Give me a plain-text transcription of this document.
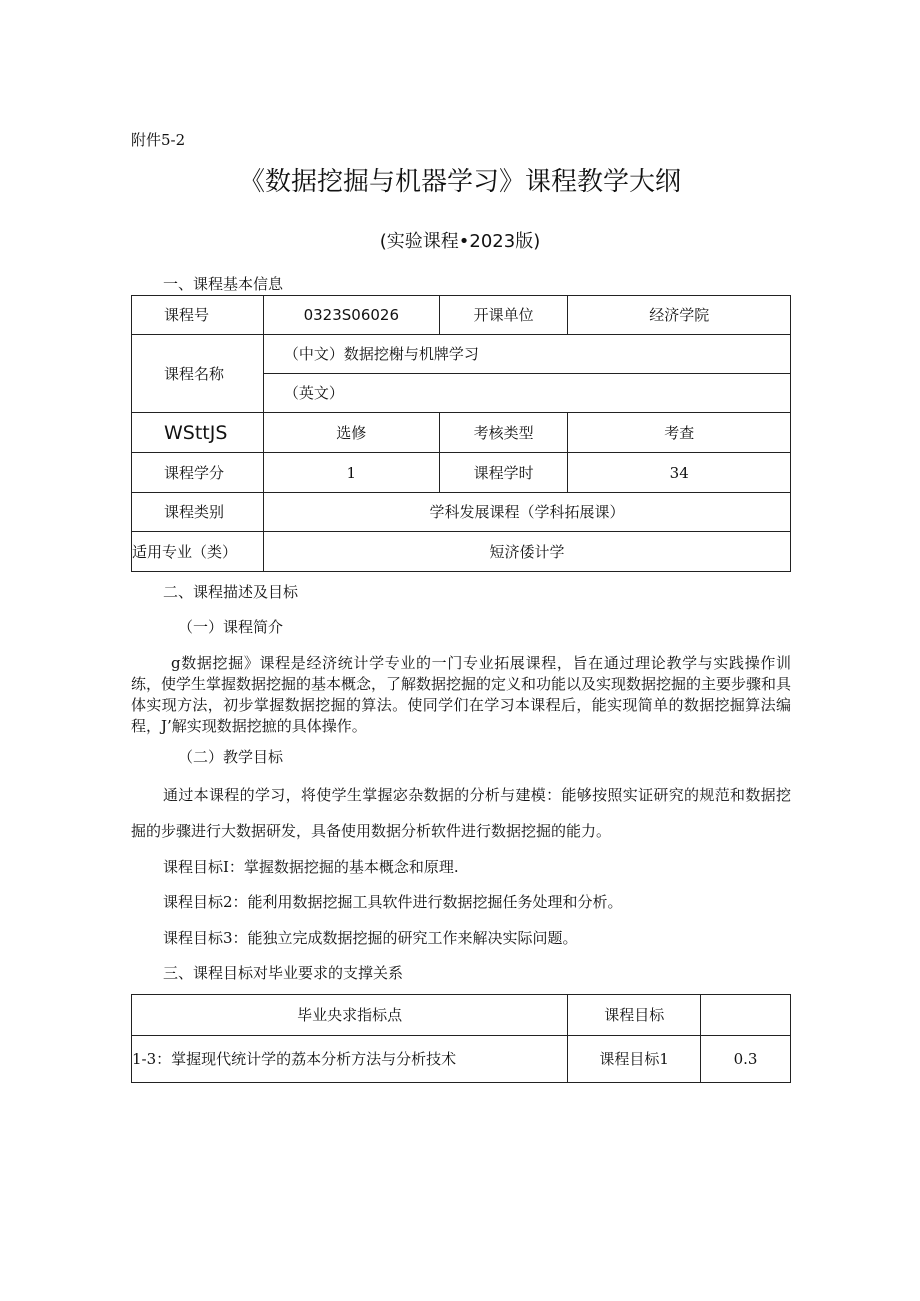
附件5-2
《数据挖掘与机器学习》课程教学大纲
(实验课程•2023版)
一、课程基本信息
课程号	0323S06026	开课单位	经济学院
课程名称	（中文）数据挖榭与机牌学习		
	（英文）		
WSttJS	选修	考核类型	考查
课程学分	1	课程学时	34
课程类别	学科发展课程（学科拓展课）		
适用专业（类）	短济倭计学		
二、课程描述及目标
（一）课程简介
g数据挖掘》课程是经济统计学专业的一门专业拓展课程，旨在通过理论教学与实践操作训练，使学生掌握数据挖掘的基本概念，了解数据挖掘的定义和功能以及实现数据挖掘的主要步骤和具体实现方法，初步掌握数据挖掘的算法。使同学们在学习本课程后，能实现简单的数据挖掘算法编程，J’解实现数据挖摭的具体操作。
（二）教学目标
通过本课程的学习，将使学生掌握宓杂数据的分析与建模：能够按照实证研究的规范和数据挖掘的步骤进行大数据研发，具备使用数据分析软件进行数据挖掘的能力。
课程目标I：掌握数据挖掘的基本概念和原理.
课程目标2：能利用数据挖掘工具软件进行数据挖掘任务处理和分析。
课程目标3：能独立完成数据挖掘的研究工作来解决实际问题。
三、课程目标对毕业要求的支撑关系
毕业央求指标点	课程目标	
1-3：掌握现代统计学的荔本分析方法与分析技术	课程目标1	0.3
